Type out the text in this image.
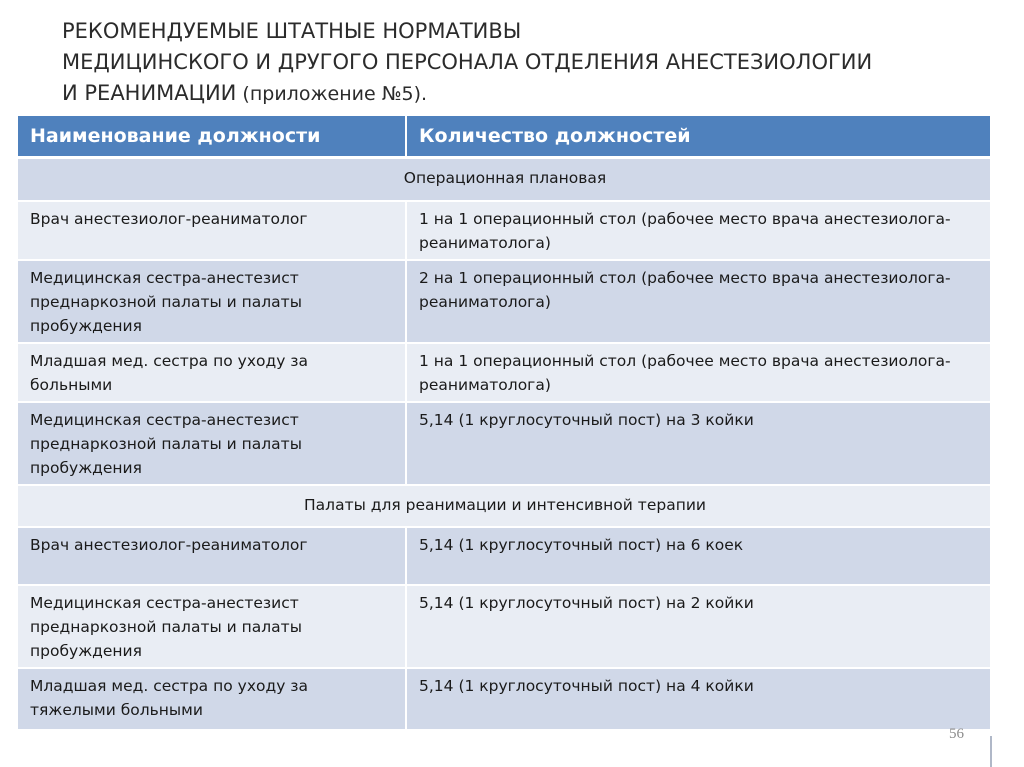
РЕКОМЕНДУЕМЫЕ ШТАТНЫЕ НОРМАТИВЫ
МЕДИЦИНСКОГО И ДРУГОГО ПЕРСОНАЛА ОТДЕЛЕНИЯ АНЕСТЕЗИОЛОГИИ
И РЕАНИМАЦИИ (приложение №5).
Наименование должности	Количество должностей
Операционная плановая	
Врач анестезиолог-реаниматолог	1 на 1 операционный стол (рабочее место врача анестезиолога-реаниматолога)
Медицинская сестра-анестезист преднаркозной палаты и палаты пробуждения	2 на 1 операционный стол (рабочее место врача анестезиолога-реаниматолога)
Младшая мед. сестра по уходу за больными	1 на 1 операционный стол (рабочее место врача анестезиолога-реаниматолога)
Медицинская сестра-анестезист преднаркозной палаты и палаты пробуждения	5,14 (1 круглосуточный пост) на 3 койки
Палаты для реанимации и интенсивной терапии	
Врач анестезиолог-реаниматолог	5,14 (1 круглосуточный пост) на 6 коек
Медицинская сестра-анестезист преднаркозной палаты и палаты пробуждения	5,14 (1 круглосуточный пост) на 2 койки
Младшая мед. сестра по уходу за тяжелыми больными	5,14 (1 круглосуточный пост) на 4 койки
56
